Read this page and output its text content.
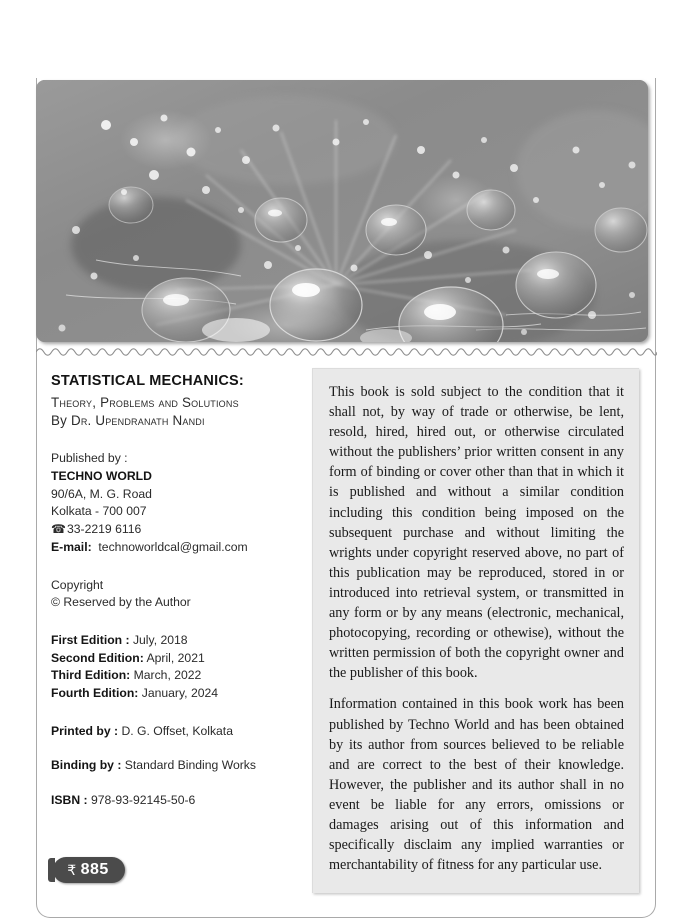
STATISTICAL MECHANICS:

Theory, Problems and Solutions

By Dr. Upendranath Nandi

Published by :

TECHNO WORLD

90/6A, M. G. Road

Kolkata - 700 007

☎ 33-2219 6116

E-mail: technoworldcal@gmail.com

Copyright

© Reserved by the Author

First Edition : July, 2018

Second Edition: April, 2021

Third Edition: March, 2022

Fourth Edition: January, 2024

Printed by : D. G. Offset, Kolkata

Binding by : Standard Binding Works

ISBN : 978-93-92145-50-6

₹ 885

This book is sold subject to the condition that it shall not, by way of trade or otherwise, be lent, resold, hired, hired out, or otherwise circulated without the publishers’ prior written consent in any form of binding or cover other than that in which it is published and without a similar condition including this condition being imposed on the subsequent purchase and without limiting the wrights under copyright reserved above, no part of this publication may be reproduced, stored in or introduced into retrieval system, or transmitted in any form or by any means (electronic, mechanical, photocopying, recording or othewise), without the written permission of both the copyright owner and the publisher of this book.

Information contained in this book work has been published by Techno World and has been obtained by its author from sources believed to be reliable and are correct to the best of their knowledge. However, the publisher and its author shall in no event be liable for any errors, omissions or damages arising out of this information and specifically disclaim any implied warranties or merchantability of fitness for any particular use.
